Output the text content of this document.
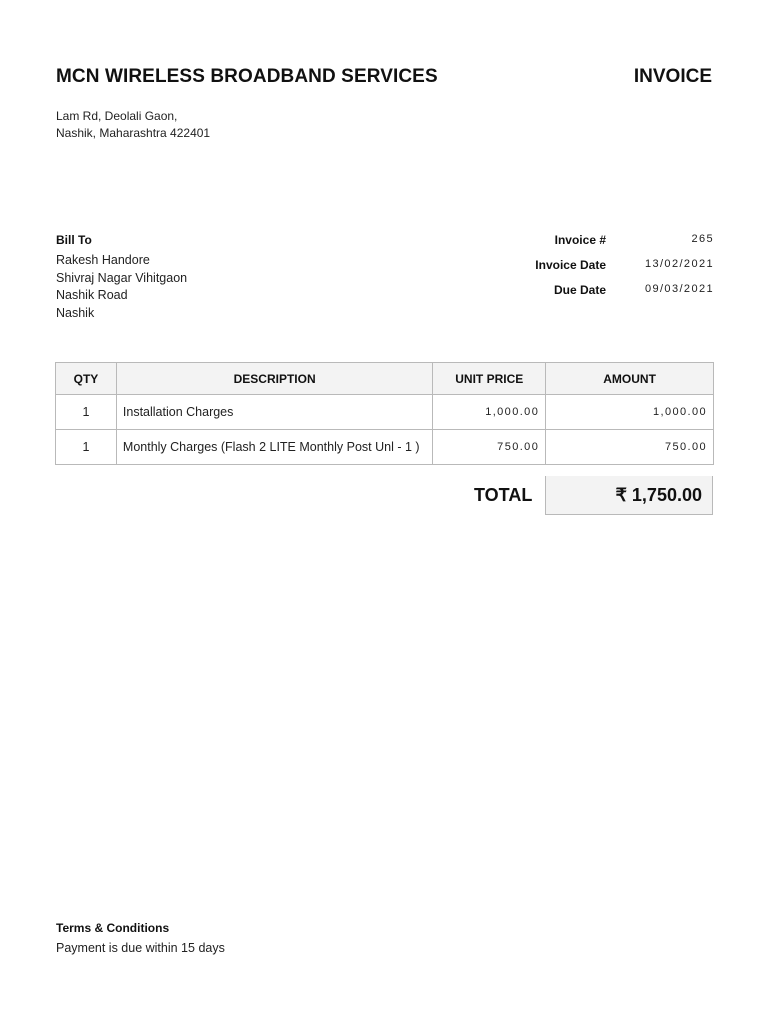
MCN WIRELESS BROADBAND SERVICES	INVOICE
Lam Rd, Deolali Gaon,
Nashik, Maharashtra 422401
Bill To
Rakesh Handore
Shivraj Nagar Vihitgaon
Nashik Road
Nashik
Invoice #	265
Invoice Date	13/02/2021
Due Date	09/03/2021
QTY	DESCRIPTION	UNIT PRICE	AMOUNT
1	Installation Charges	1,000.00	1,000.00
1	Monthly Charges (Flash 2 LITE Monthly Post Unl - 1 )	750.00	750.00
TOTAL	₹ 1,750.00
Terms & Conditions
Payment is due within 15 days
